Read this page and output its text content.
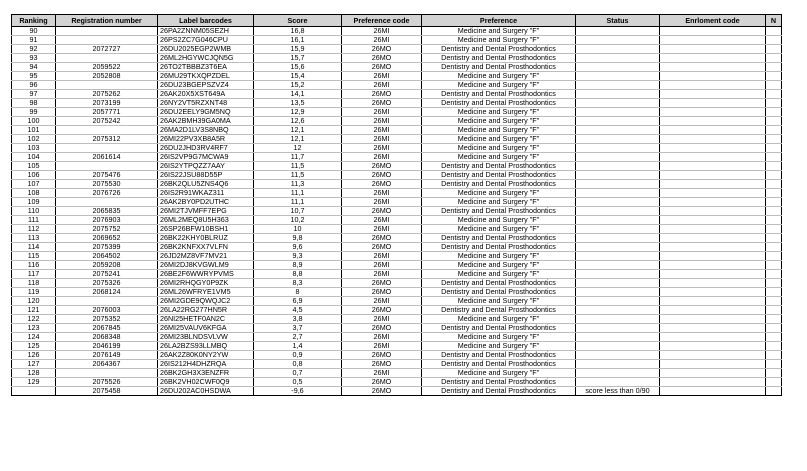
Ranking	Registration number	Label barcodes	Score	Preference code	Preference	Status	Enrloment code	N
90		26PA2ZNNM05SEZH	16,8	26MI	Medicine and Surgery "F"			
91		26PS2ZC7G046CPU	16,1	26MI	Medicine and Surgery "F"			
92	2072727	26DU2025EGP2WMB	15,9	26MO	Dentistry and Dental Prosthodontics			
93		26ML2HGYWCJQN5G	15,7	26MO	Dentistry and Dental Prosthodontics			
94	2059522	26TO2TBBBZ3T6EA	15,6	26MO	Dentistry and Dental Prosthodontics			
95	2052808	26MU29TKXQPZDEL	15,4	26MI	Medicine and Surgery "F"			
96		26DU23BGEPSZVZ4	15,2	26MI	Medicine and Surgery "F"			
97	2075262	26AK20X5XST649A	14,1	26MO	Dentistry and Dental Prosthodontics			
98	2073199	26NY2VT5RZXNT48	13,5	26MO	Dentistry and Dental Prosthodontics			
99	2057771	26DU2EELY9GM5NQ	12,9	26MI	Medicine and Surgery "F"			
100	2075242	26AK2BMH39GA0MA	12,6	26MI	Medicine and Surgery "F"			
101		26MA2D1LV3S8NBQ	12,1	26MI	Medicine and Surgery "F"			
102	2075312	26MI22PV3XB8A5R	12,1	26MI	Medicine and Surgery "F"			
103		26DU2JHD3RV4RF7	12	26MI	Medicine and Surgery "F"			
104	2061614	26IS2VP9G7MCWA9	11,7	26MI	Medicine and Surgery "F"			
105		26IS2YTPQZZ7AAY	11,5	26MO	Dentistry and Dental Prosthodontics			
106	2075476	26IS22JSU88D55P	11,5	26MO	Dentistry and Dental Prosthodontics			
107	2075530	26BK2QLU5ZNS4Q6	11,3	26MO	Dentistry and Dental Prosthodontics			
108	2076726	26IS2R91WKAZ311	11,1	26MI	Medicine and Surgery "F"			
109		26AK2BY0PD2UTHC	11,1	26MI	Medicine and Surgery "F"			
110	2065835	26MI2TJVMFF7EPG	10,7	26MO	Dentistry and Dental Prosthodontics			
111	2076903	26ML2MEQ8U5H363	10,2	26MI	Medicine and Surgery "F"			
112	2075752	26SP26BFW10BSH1	10	26MI	Medicine and Surgery "F"			
113	2069652	26BK22KHY0BLRUZ	9,8	26MO	Dentistry and Dental Prosthodontics			
114	2075399	26BK2KNFXX7VLFN	9,6	26MO	Dentistry and Dental Prosthodontics			
115	2064502	26JD2MZ8VF7MV21	9,3	26MI	Medicine and Surgery "F"			
116	2059208	26MI2DJ8KVGWLM9	8,9	26MI	Medicine and Surgery "F"			
117	2075241	26BE2F6WWRYPVMS	8,8	26MI	Medicine and Surgery "F"			
118	2075326	26MI2RHQGY0P9ZK	8,3	26MO	Dentistry and Dental Prosthodontics			
119	2068124	26ML26WFRYE1VM5	8	26MO	Dentistry and Dental Prosthodontics			
120		26MI2GDE9QWQJC2	6,9	26MI	Medicine and Surgery "F"			
121	2076003	26LA22RG277HN5R	4,5	26MO	Dentistry and Dental Prosthodontics			
122	2075352	26NI25HETF0AN2C	3,8	26MI	Medicine and Surgery "F"			
123	2067845	26MI25VAUV6KFGA	3,7	26MO	Dentistry and Dental Prosthodontics			
124	2068348	26MI23BLNDSVLVW	2,7	26MI	Medicine and Surgery "F"			
125	2046199	26LA2BZS93LLMBQ	1,4	26MI	Medicine and Surgery "F"			
126	2076149	26AK2Z80K0NY2YW	0,9	26MO	Dentistry and Dental Prosthodontics			
127	2064367	26IS212H4DHZRQA	0,8	26MO	Dentistry and Dental Prosthodontics			
128		26BK2GH3X3ENZFR	0,7	26MI	Medicine and Surgery "F"			
129	2075526	26BK2VH02CWF0Q9	0,5	26MO	Dentistry and Dental Prosthodontics			
	2075458	26DU202AC0HSDWA	-9,6	26MO	Dentistry and Dental Prosthodontics	score less than 0/90		
